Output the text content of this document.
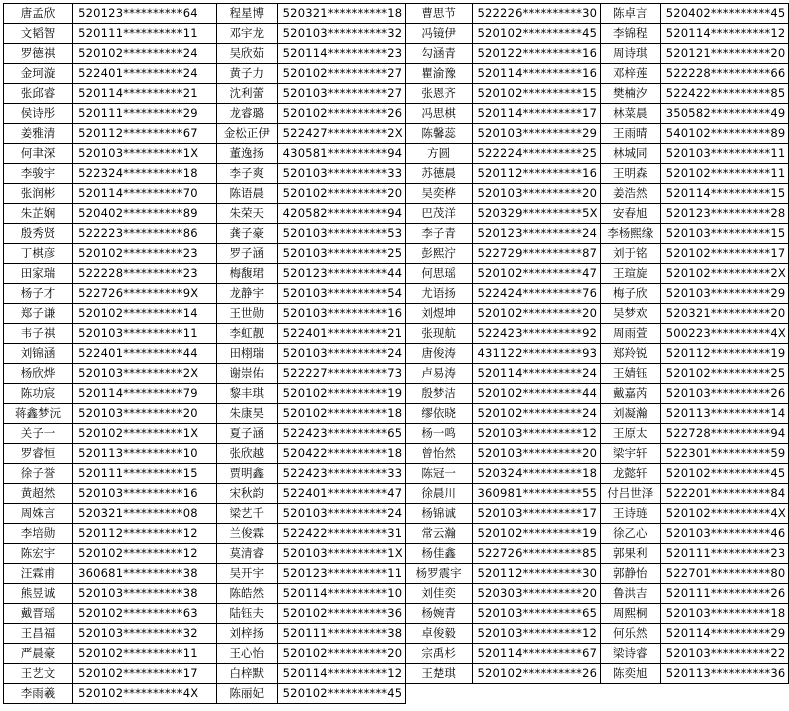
唐孟欣	520123**********64	程星博	520321**********18	曹思节	522226**********30	陈卓言	520402**********45
文韬智	520111**********11	邓宇龙	520103**********32	冯镜伊	520102**********45	李锦程	520114**********12
罗德祺	520102**********24	吴欣茹	520114**********23	勾涵青	520122**********16	周诗琪	520121**********20
金珂漩	522401**********24	黄子力	520102**********27	瞿渝豫	520114**********16	邓梓莲	522228**********66
张邱睿	520114**********21	沈利蕾	520103**********27	张恩齐	520102**********15	樊楠汐	522422**********85
侯诗彤	520111**********29	龙睿璐	520102**********26	冯思棋	520114**********17	林菜晨	350582**********49
姜雅清	520112**********67	金松正伊	522427**********2X	陈馨蕊	520103**********29	王雨晴	540102**********89
何聿深	520103**********1X	董逸扬	430581**********94	方圆	522224**********25	林城同	520103**********11
李骏宇	522324**********18	李子爽	520103**********33	苏德晨	520112**********16	王明森	520102**********11
张润彬	520114**********70	陈语晨	520102**********20	吴奕桦	520103**********20	姜浩然	520114**********15
朱芷娴	520402**********89	朱荣天	420582**********94	巴茂洋	520329**********5X	安春旭	520123**********28
殷秀贤	522223**********86	龚子豪	520103**********53	李子青	520123**********24	李杨熙缘	520103**********15
丁棋彦	520102**********23	罗子涵	520103**********25	彭熙泞	522729**********87	刘于铭	520102**********17
田家瑞	522228**********23	梅馥珺	520123**********44	何思瑶	520102**********47	王瑄旋	520102**********2X
杨子才	522726**********9X	龙静宇	520103**********54	尤语扬	522424**********76	梅子欣	520103**********29
郑子谦	520102**********14	王世勋	520103**********16	刘煜坤	520102**********20	吴梦欢	520321**********20
韦子祺	520103**********11	李虹靓	522401**********21	张现航	522423**********92	周雨萱	500223**********4X
刘锦涵	522401**********44	田栩瑞	520103**********24	唐俊涛	431122**********93	郑羚锐	520112**********19
杨欣烨	520103**********2X	谢崇佑	522227**********73	卢易涛	520114**********24	王婧钰	520102**********25
陈功宸	520114**********79	黎丰琪	520102**********19	殷梦洁	520102**********44	戴嘉芮	520103**********26
蒋鑫梦沅	520103**********20	朱康昊	520102**********18	缪依晓	520102**********24	刘凝瀚	520113**********14
关子一	520102**********1X	夏子涵	522423**********65	杨一鸣	520103**********12	王原太	522728**********94
罗睿恒	520113**********10	张欣越	520422**********18	曾怡然	520103**********20	梁宇轩	522301**********59
徐子誉	520111**********15	贾明鑫	522423**********33	陈冠一	520324**********18	龙懿轩	520102**********45
黄超然	520103**********16	宋秋韵	522401**********47	徐晨川	360981**********55	付吕世泽	522201**********84
周姝言	520321**********08	梁艺千	520103**********24	杨锦诚	520103**********17	王诗琏	520102**********4X
李培勋	520112**********12	兰俊霖	522422**********31	常云瀚	520102**********19	徐乙心	520103**********46
陈宏宇	520102**********12	莫清睿	520103**********1X	杨佳鑫	522726**********85	郭果利	520111**********23
汪霖甫	360681**********38	吴开宇	520123**********11	杨罗震宇	520112**********30	郭静怡	522701**********80
熊昱诚	520103**********38	陈皓然	520114**********10	刘佳奕	520303**********20	鲁洪吉	520111**********26
戴晋瑶	520102**********63	陆钰夫	520102**********36	杨婉青	520103**********65	周熙桐	520103**********18
王昌福	520103**********32	刘梓扬	520111**********38	卓俊毅	520103**********12	何乐然	520114**********29
严晨豪	520102**********11	王心怡	520102**********20	宗禹杉	520114**********67	梁诗睿	520103**********22
王艺文	520102**********17	白梓默	520114**********12	王楚琪	520102**********26	陈奕旭	520113**********36
李雨羲	520102**********4X	陈丽妃	520102**********45				
